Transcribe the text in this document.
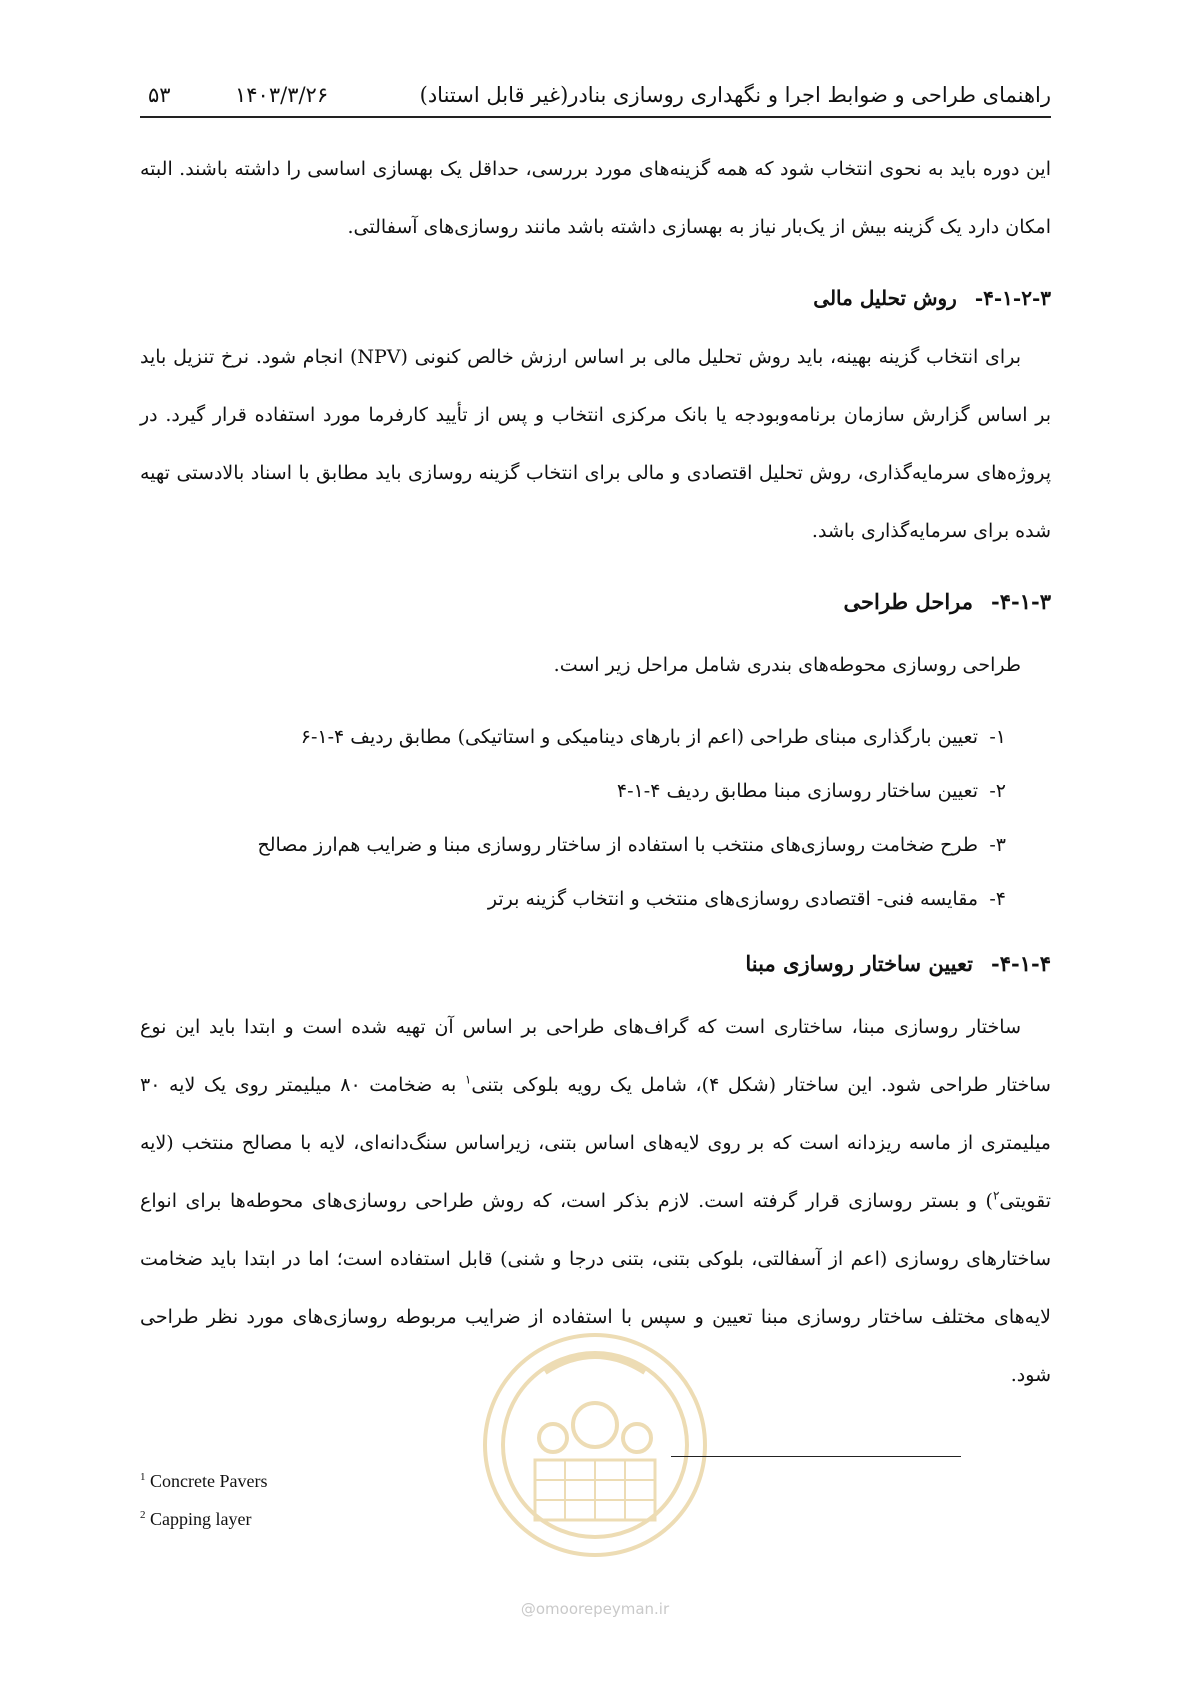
راهنمای طراحی و ضوابط اجرا و نگهداری روسازی بنادر(غیر قابل استناد)
۱۴۰۳/۳/۲۶
۵۳

این دوره باید به نحوی انتخاب شود که همه گزینه‌های مورد بررسی، حداقل یک بهسازی اساسی را داشته باشند. البته امکان دارد یک گزینه بیش از یک‌بار نیاز به بهسازی داشته باشد مانند روسازی‌های آسفالتی.

۴-۱-۲-۳-روش تحلیل مالی

برای انتخاب گزینه بهینه، باید روش تحلیل مالی بر اساس ارزش خالص کنونی (NPV) انجام شود. نرخ تنزیل باید بر اساس گزارش سازمان برنامه‌وبودجه یا بانک مرکزی انتخاب و پس از تأیید کارفرما مورد استفاده قرار گیرد. در پروژه‌های سرمایه‌گذاری، روش تحلیل اقتصادی و مالی برای انتخاب گزینه روسازی باید مطابق با اسناد بالادستی تهیه شده برای سرمایه‌گذاری باشد.

۴-۱-۳-مراحل طراحی

طراحی روسازی محوطه‌های بندری شامل مراحل زیر است.

۱-تعیین بارگذاری مبنای طراحی (اعم از بارهای دینامیکی و استاتیکی) مطابق ردیف ۴-۱-۶
۲-تعیین ساختار روسازی مبنا مطابق ردیف ۴-۱-۴
۳-طرح ضخامت روسازی‌های منتخب با استفاده از ساختار روسازی مبنا و ضرایب هم‌ارز مصالح
۴-مقایسه فنی- اقتصادی روسازی‌های منتخب و انتخاب گزینه برتر

۴-۱-۴-تعیین ساختار روسازی مبنا

ساختار روسازی مبنا، ساختاری است که گراف‌های طراحی بر اساس آن تهیه شده است و ابتدا باید این نوع ساختار طراحی شود. این ساختار (شکل ۴)، شامل یک رویه بلوکی بتنی$^۱$ به ضخامت ۸۰ میلیمتر روی یک لایه ۳۰ میلیمتری از ماسه ریزدانه است که بر روی لایه‌های اساس بتنی، زیراساس سنگ‌دانه‌ای، لایه با مصالح منتخب (لایه تقویتی$^۲$) و بستر روسازی قرار گرفته است. لازم بذکر است، که روش طراحی روسازی‌های محوطه‌ها برای انواع ساختارهای روسازی (اعم از آسفالتی، بلوکی بتنی، بتنی درجا و شنی) قابل استفاده است؛ اما در ابتدا باید ضخامت لایه‌های مختلف ساختار روسازی مبنا تعیین و سپس با استفاده از ضرایب مربوطه روسازی‌های مورد نظر طراحی شود.

@omoorepeyman.ir

$^1$ Concrete Pavers

$^2$ Capping layer
